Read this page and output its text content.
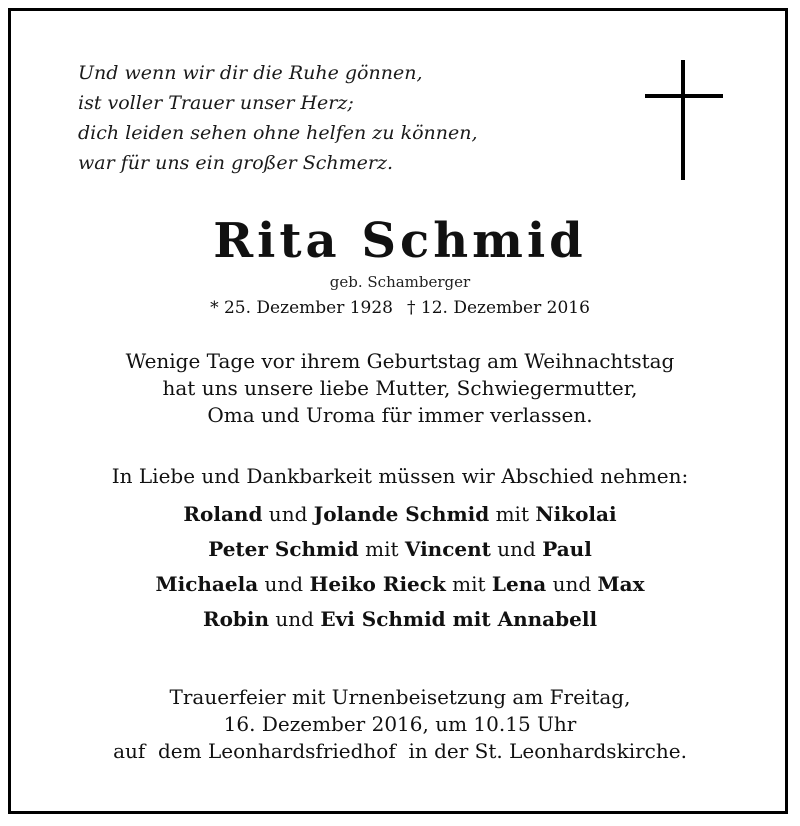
Und wenn wir dir die Ruhe gönnen,
ist voller Trauer unser Herz;
dich leiden sehen ohne helfen zu können,
war für uns ein großer Schmerz.
Rita Schmid
geb. Schamberger
* 25. Dezember 1928 † 12. Dezember 2016
Wenige Tage vor ihrem Geburtstag am Weihnachtstag
hat uns unsere liebe Mutter, Schwiegermutter,
Oma und Uroma für immer verlassen.
In Liebe und Dankbarkeit müssen wir Abschied nehmen:
Roland und Jolande Schmid mit Nikolai
Peter Schmid mit Vincent und Paul
Michaela und Heiko Rieck mit Lena und Max
Robin und Evi Schmid mit Annabell
Trauerfeier mit Urnenbeisetzung am Freitag,
16. Dezember 2016, um 10.15 Uhr
auf  dem Leonhardsfriedhof  in der St. Leonhardskirche.
